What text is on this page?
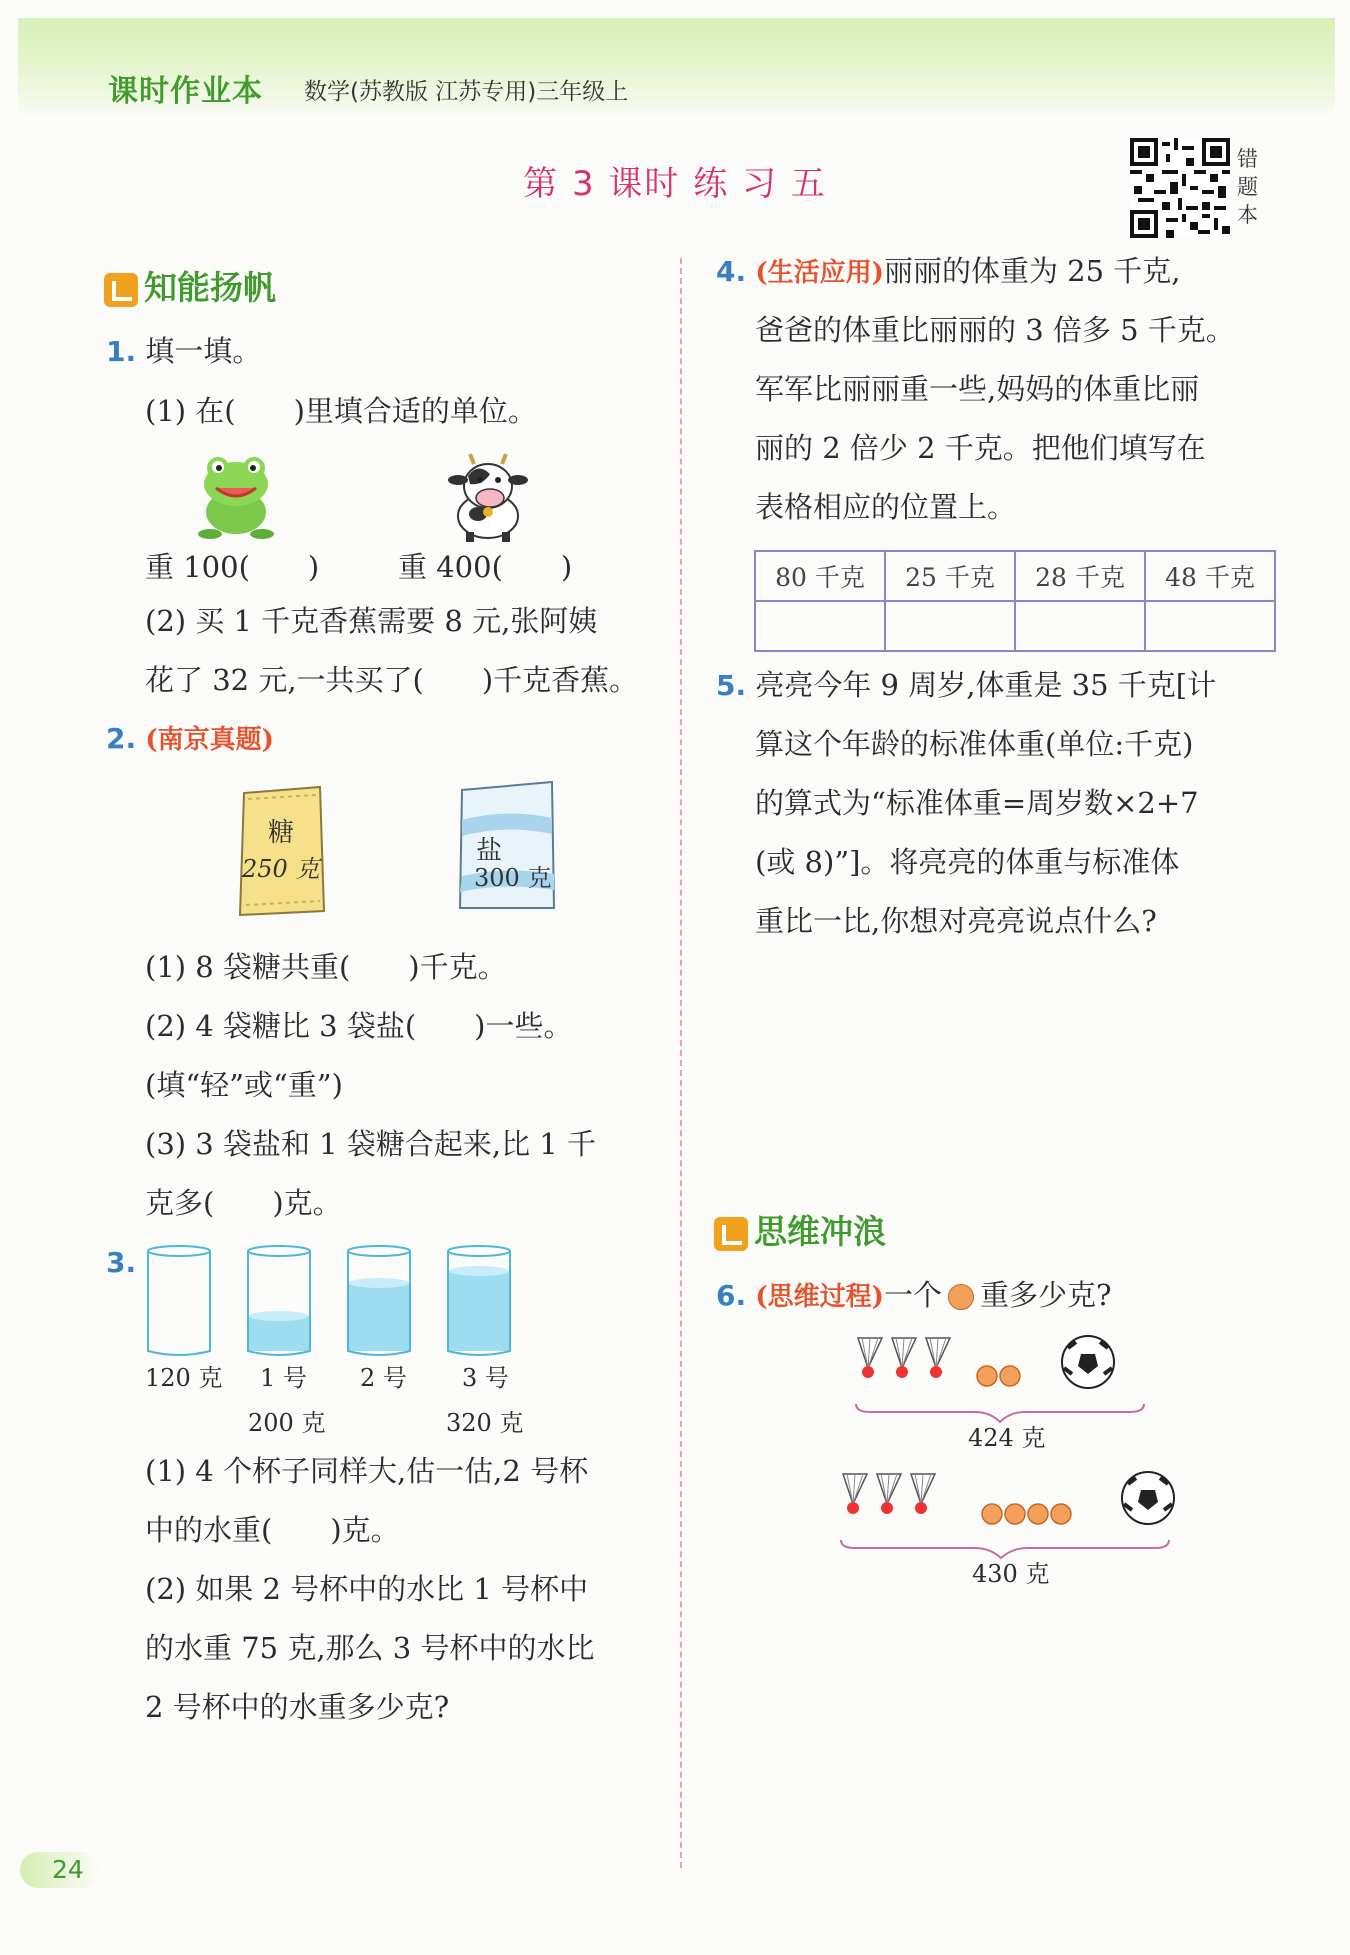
课时作业本 数学(苏教版 江苏专用)三年级上
第 3 课时 练 习 五
错
题
本
知能扬帆
1. 填一填。
(1) 在(　　)里填合适的单位。
重 100(　　)	重 400(　　)
(2) 买 1 千克香蕉需要 8 元,张阿姨
花了 32 元,一共买了(　　)千克香蕉。
2. (南京真题)
糖
250 克
盐
300 克
(1) 8 袋糖共重(　　)千克。
(2) 4 袋糖比 3 袋盐(　　)一些。
(填“轻”或“重”)
(3) 3 袋盐和 1 袋糖合起来,比 1 千
克多(　　)克。
3.
120 克 1 号 2 号 3 号
200 克	320 克
(1) 4 个杯子同样大,估一估,2 号杯
中的水重(　　)克。
(2) 如果 2 号杯中的水比 1 号杯中
的水重 75 克,那么 3 号杯中的水比
2 号杯中的水重多少克?
4. (生活应用)丽丽的体重为 25 千克,
爸爸的体重比丽丽的 3 倍多 5 千克。
军军比丽丽重一些,妈妈的体重比丽
丽的 2 倍少 2 千克。把他们填写在
表格相应的位置上。
80 千克	25 千克	28 千克	48 千克

5. 亮亮今年 9 周岁,体重是 35 千克[计
算这个年龄的标准体重(单位:千克)
的算式为“标准体重=周岁数×2+7
(或 8)”]。将亮亮的体重与标准体
重比一比,你想对亮亮说点什么?
思维冲浪
6. (思维过程)一个 重多少克?
424 克
430 克
24
